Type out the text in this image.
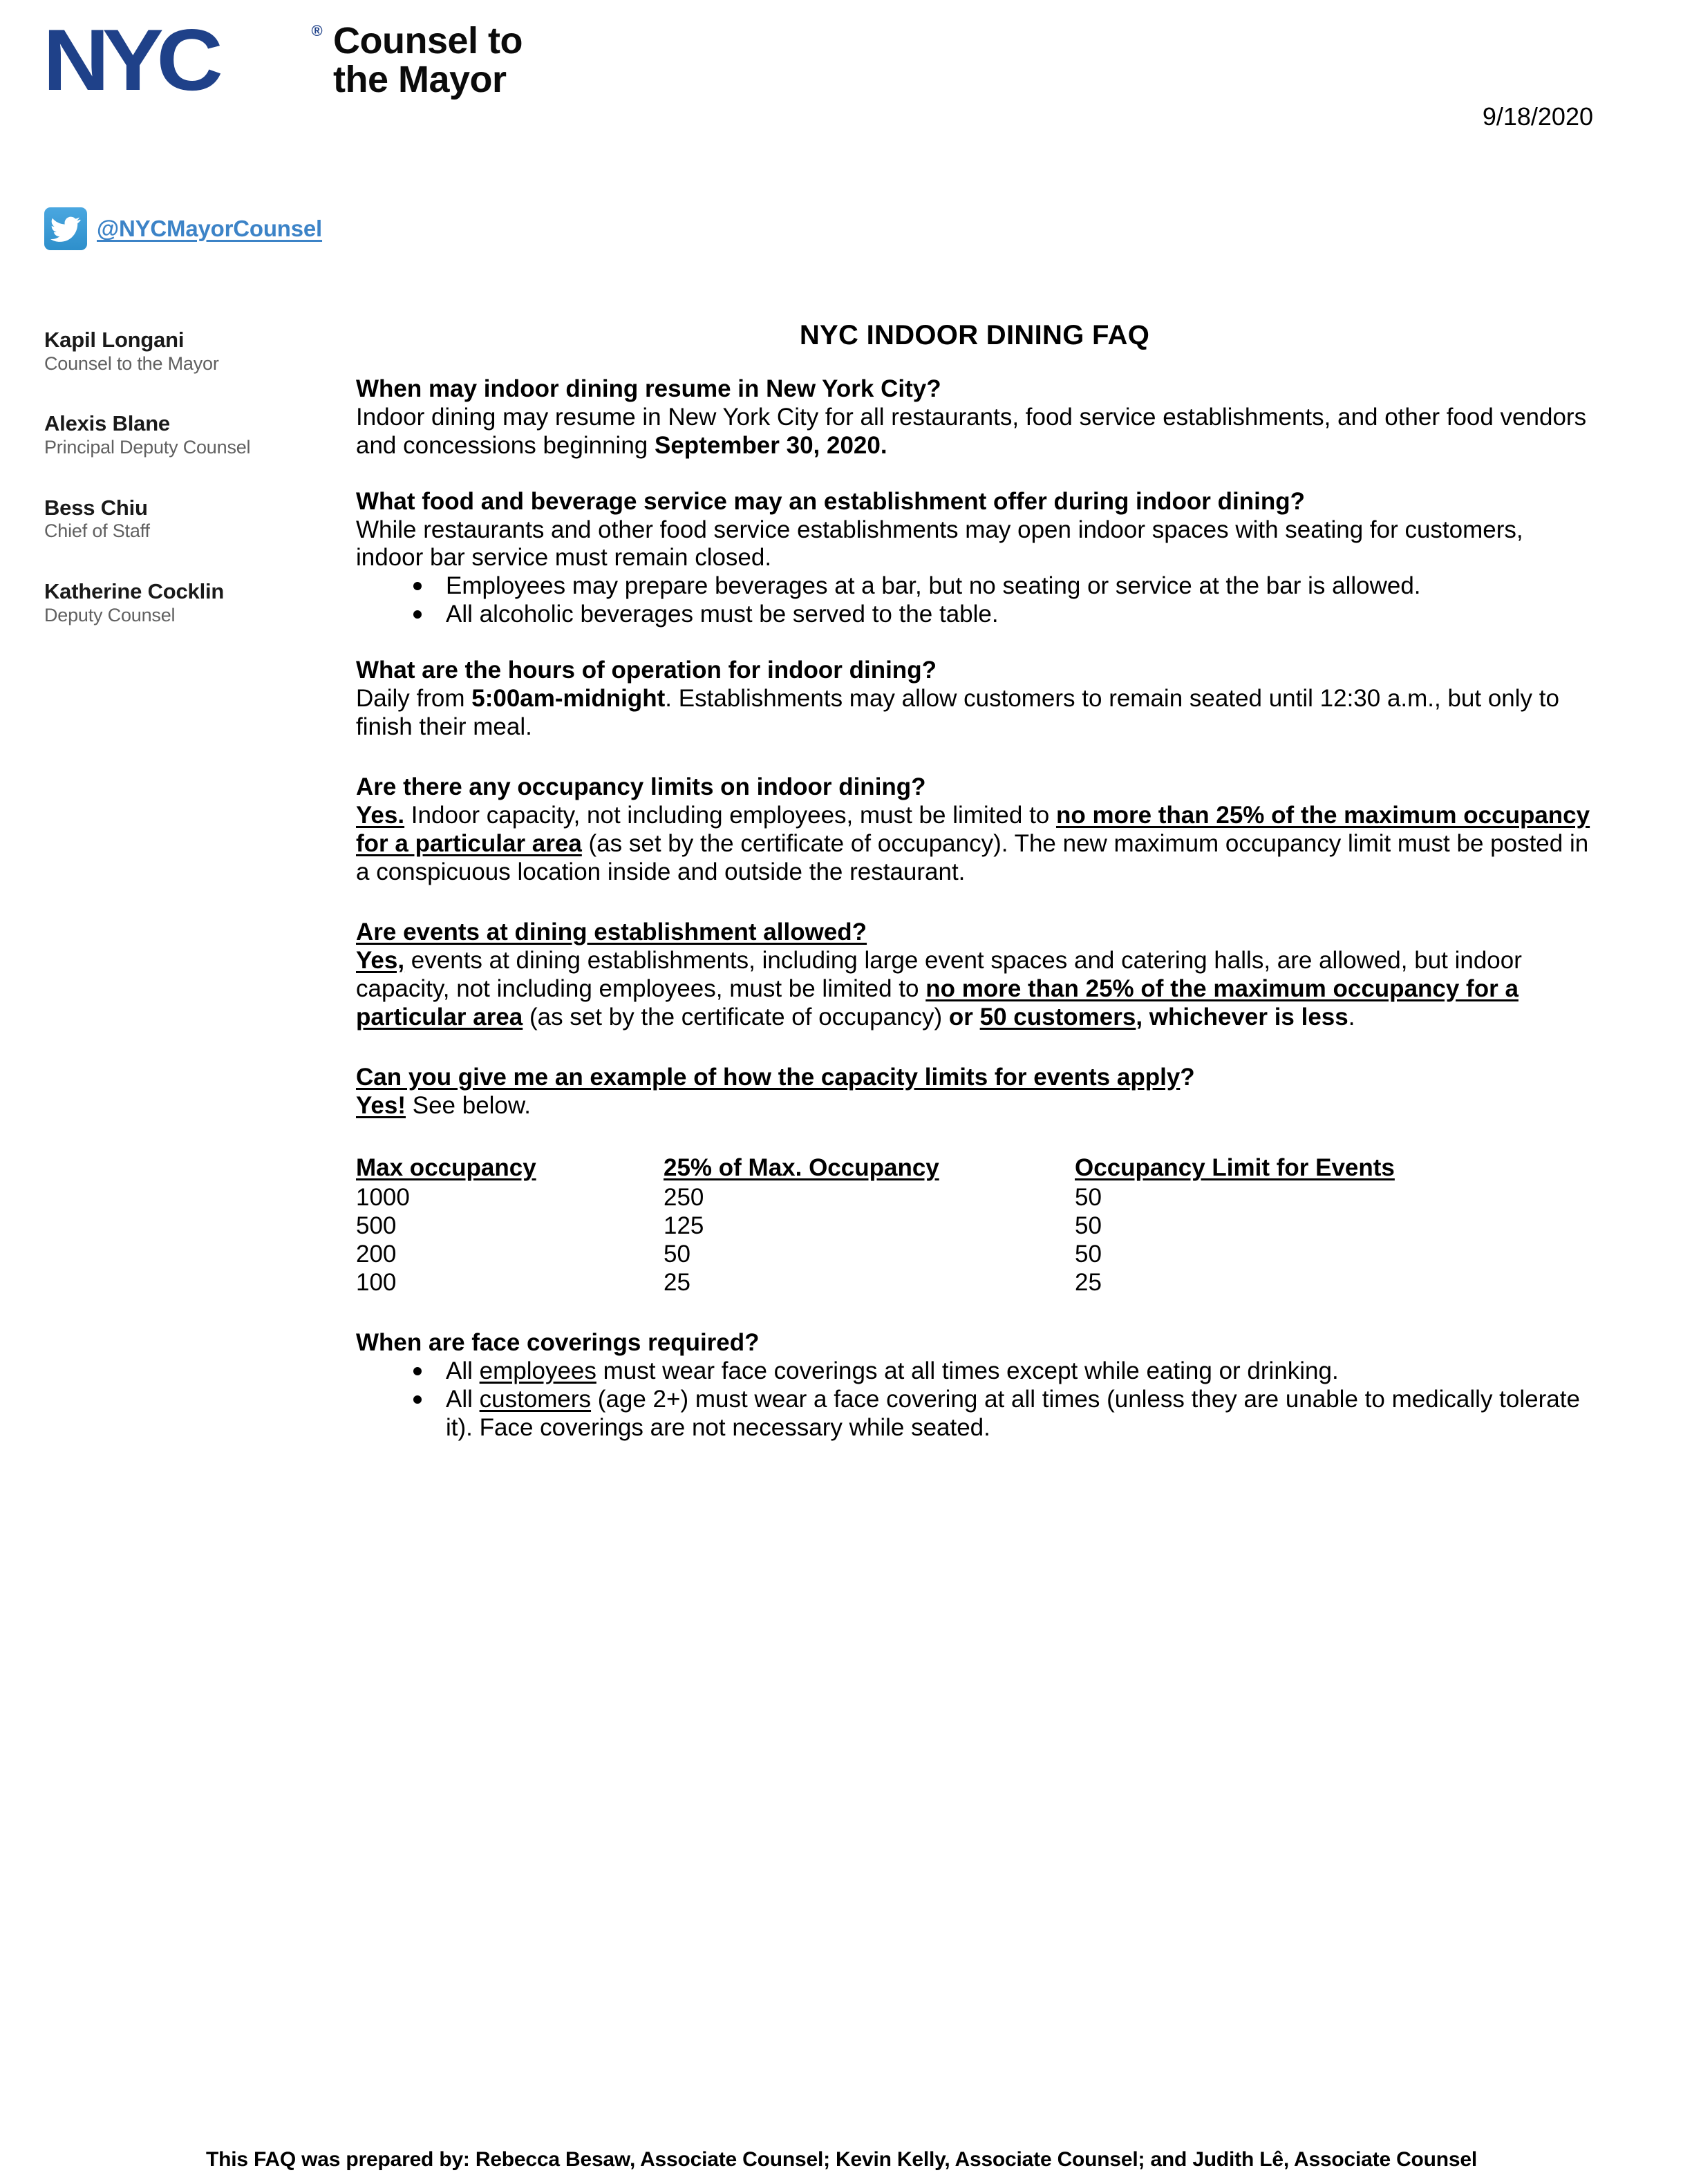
NYC	® Counsel to
the Mayor
9/18/2020
@NYCMayorCounsel
Kapil Longani
Counsel to the Mayor
Alexis Blane
Principal Deputy Counsel
Bess Chiu
Chief of Staff
Katherine Cocklin
Deputy Counsel
NYC INDOOR DINING FAQ
When may indoor dining resume in New York City?

Indoor dining may resume in New York City for all restaurants, food service establishments, and other food vendors and concessions beginning September 30, 2020.

What food and beverage service may an establishment offer during indoor dining?

While restaurants and other food service establishments may open indoor spaces with seating for customers, indoor bar service must remain closed.

Employees may prepare beverages at a bar, but no seating or service at the bar is allowed.
All alcoholic beverages must be served to the table.
What are the hours of operation for indoor dining?

Daily from 5:00am-midnight. Establishments may allow customers to remain seated until 12:30 a.m., but only to finish their meal.

Are there any occupancy limits on indoor dining?

Yes. Indoor capacity, not including employees, must be limited to no more than 25% of the maximum occupancy for a particular area (as set by the certificate of occupancy). The new maximum occupancy limit must be posted in a conspicuous location inside and outside the restaurant.

Are events at dining establishment allowed?

Yes, events at dining establishments, including large event spaces and catering halls, are allowed, but indoor capacity, not including employees, must be limited to no more than 25% of the maximum occupancy for a particular area (as set by the certificate of occupancy) or 50 customers, whichever is less.

Can you give me an example of how the capacity limits for events apply?

Yes! See below.

Max occupancy	25% of Max. Occupancy	Occupancy Limit for Events
1000	250	50
500	125	50
200	50	50
100	25	25
When are face coverings required?
All employees must wear face coverings at all times except while eating or drinking.
All customers (age 2+) must wear a face covering at all times (unless they are unable to medically tolerate it). Face coverings are not necessary while seated.
This FAQ was prepared by: Rebecca Besaw, Associate Counsel; Kevin Kelly, Associate Counsel; and Judith Lê, Associate Counsel
